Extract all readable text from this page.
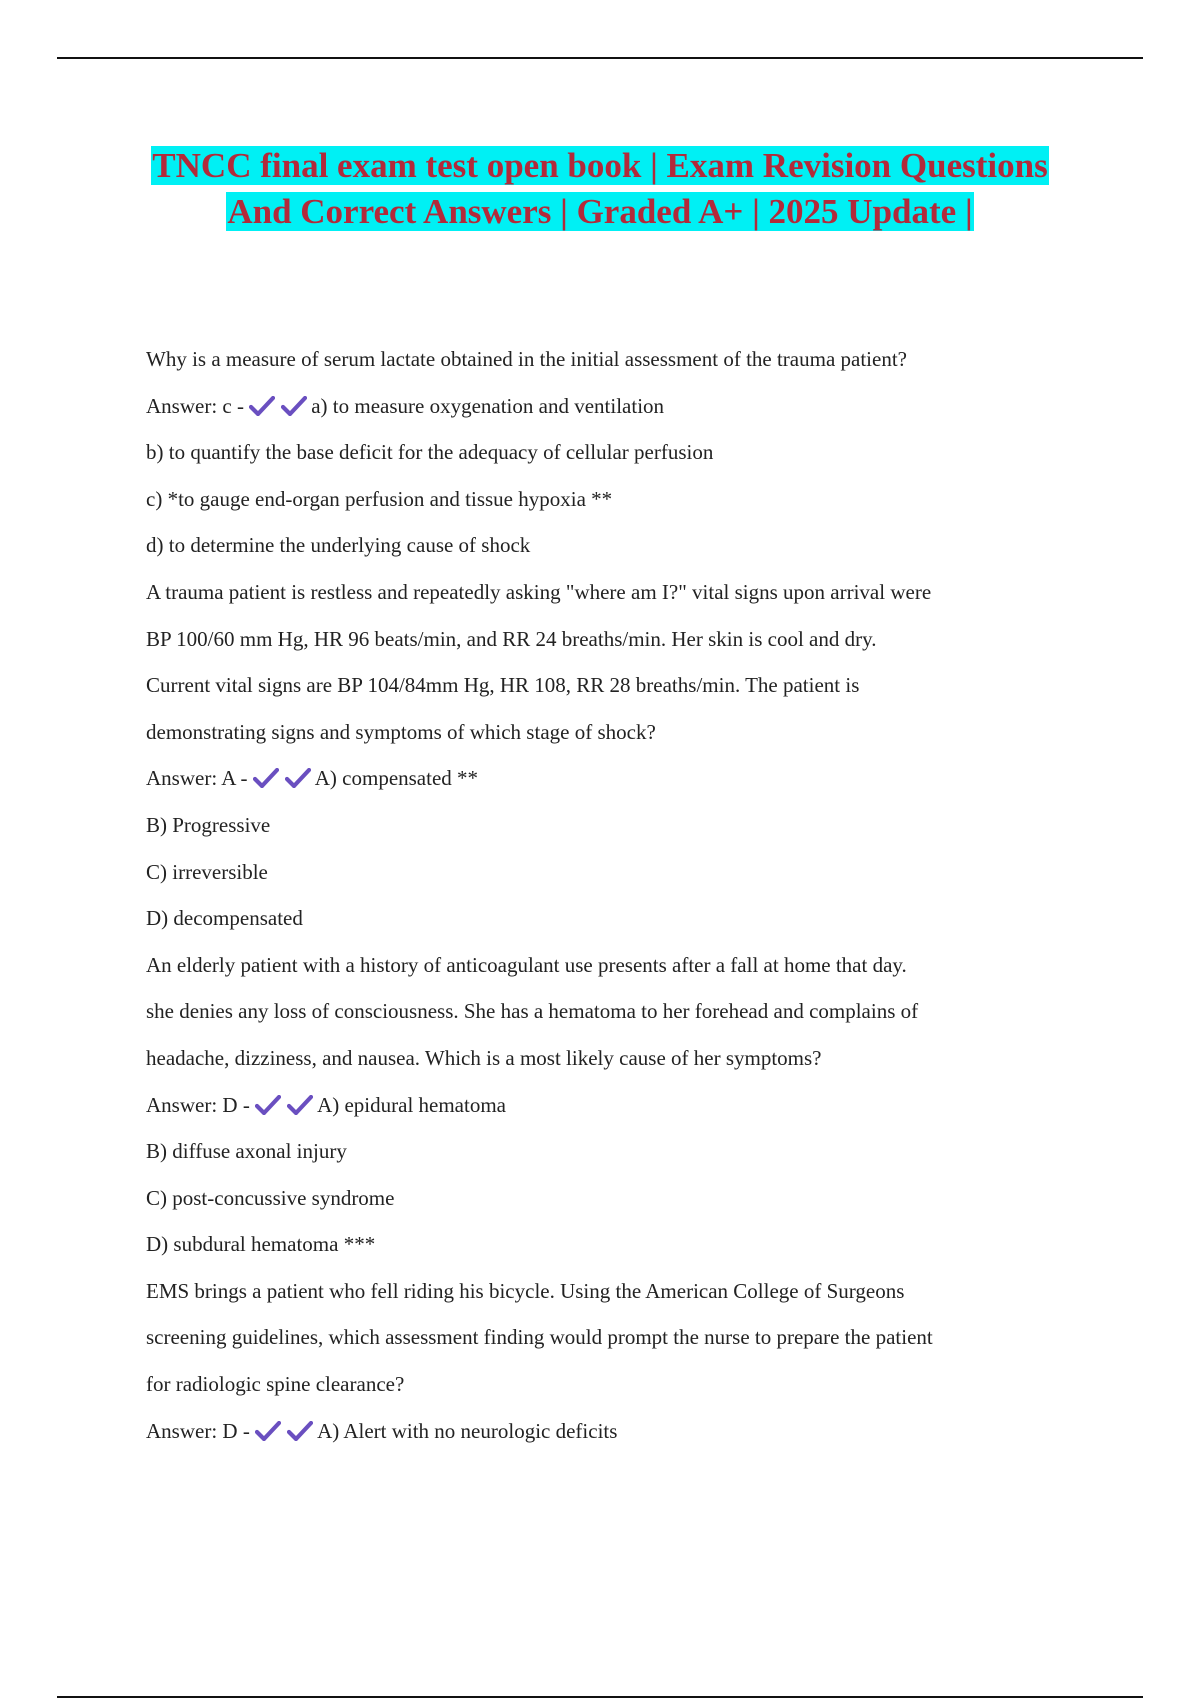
TNCC final exam test open book | Exam Revision Questions
And Correct Answers | Graded A+ | 2025 Update |
Why is a measure of serum lactate obtained in the initial assessment of the trauma patient?
Answer: c -	a) to measure oxygenation and ventilation
b) to quantify the base deficit for the adequacy of cellular perfusion
c) *to gauge end-organ perfusion and tissue hypoxia **
d) to determine the underlying cause of shock
A trauma patient is restless and repeatedly asking "where am I?" vital signs upon arrival were
BP 100/60 mm Hg, HR 96 beats/min, and RR 24 breaths/min. Her skin is cool and dry.
Current vital signs are BP 104/84mm Hg, HR 108, RR 28 breaths/min. The patient is
demonstrating signs and symptoms of which stage of shock?
Answer: A -	A) compensated **
B) Progressive
C) irreversible
D) decompensated
An elderly patient with a history of anticoagulant use presents after a fall at home that day.
she denies any loss of consciousness. She has a hematoma to her forehead and complains of
headache, dizziness, and nausea. Which is a most likely cause of her symptoms?
Answer: D -	A) epidural hematoma
B) diffuse axonal injury
C) post-concussive syndrome
D) subdural hematoma ***
EMS brings a patient who fell riding his bicycle. Using the American College of Surgeons
screening guidelines, which assessment finding would prompt the nurse to prepare the patient
for radiologic spine clearance?
Answer: D -	A) Alert with no neurologic deficits
